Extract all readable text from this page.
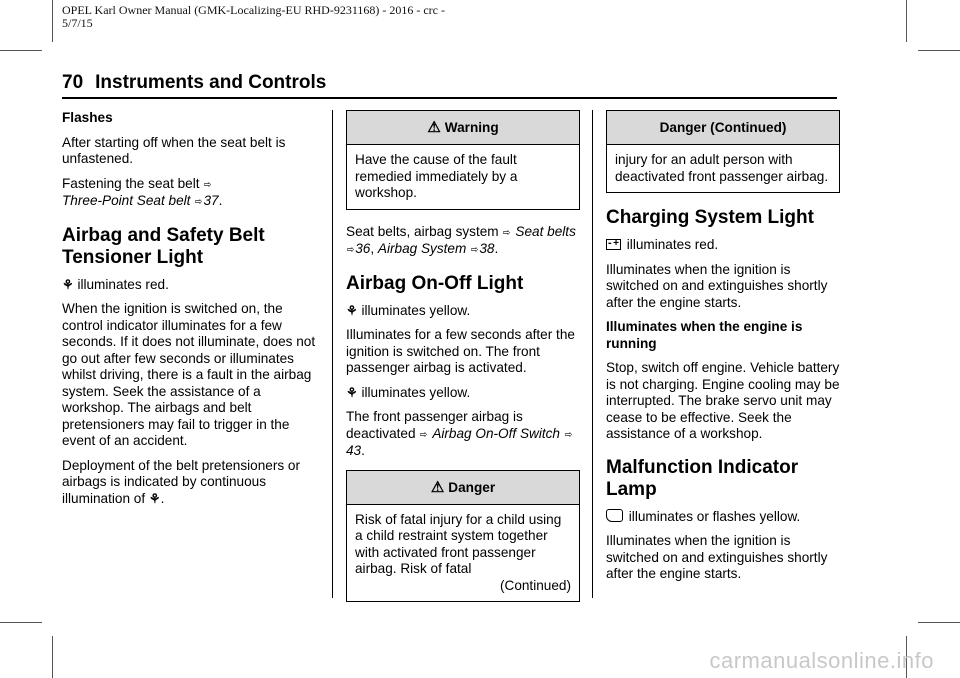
OPEL Karl Owner Manual (GMK-Localizing-EU RHD-9231168) - 2016 - crc -
5/7/15
70 Instruments and Controls
Flashes

After starting off when the seat belt is unfastened.

Fastening the seat belt ⇨
Three-Point Seat belt ⇨37.

Airbag and Safety Belt Tensioner Light

⚘ illuminates red.

When the ignition is switched on, the control indicator illuminates for a few seconds. If it does not illuminate, does not go out after few seconds or illuminates whilst driving, there is a fault in the airbag system. Seek the assistance of a workshop. The airbags and belt pretensioners may fail to trigger in the event of an accident.

Deployment of the belt pretensioners or airbags is indicated by continuous illumination of ⚘.

⚠ Warning
Have the cause of the fault remedied immediately by a workshop.

Seat belts, airbag system ⇨ Seat belts ⇨36, Airbag System ⇨38.

Airbag On-Off Light

⚘ illuminates yellow.

Illuminates for a few seconds after the ignition is switched on. The front passenger airbag is activated.

⚘ illuminates yellow.

The front passenger airbag is deactivated ⇨ Airbag On-Off Switch ⇨43.

⚠ Danger
Risk of fatal injury for a child using a child restraint system together with activated front passenger airbag. Risk of fatal
(Continued)
Danger (Continued)
injury for an adult person with deactivated front passenger airbag.
Charging System Light

- + illuminates red.

Illuminates when the ignition is switched on and extinguishes shortly after the engine starts.

Illuminates when the engine is running

Stop, switch off engine. Vehicle battery is not charging. Engine cooling may be interrupted. The brake servo unit may cease to be effective. Seek the assistance of a workshop.

Malfunction Indicator Lamp

illuminates or flashes yellow.

Illuminates when the ignition is switched on and extinguishes shortly after the engine starts.

carmanualsonline.info
